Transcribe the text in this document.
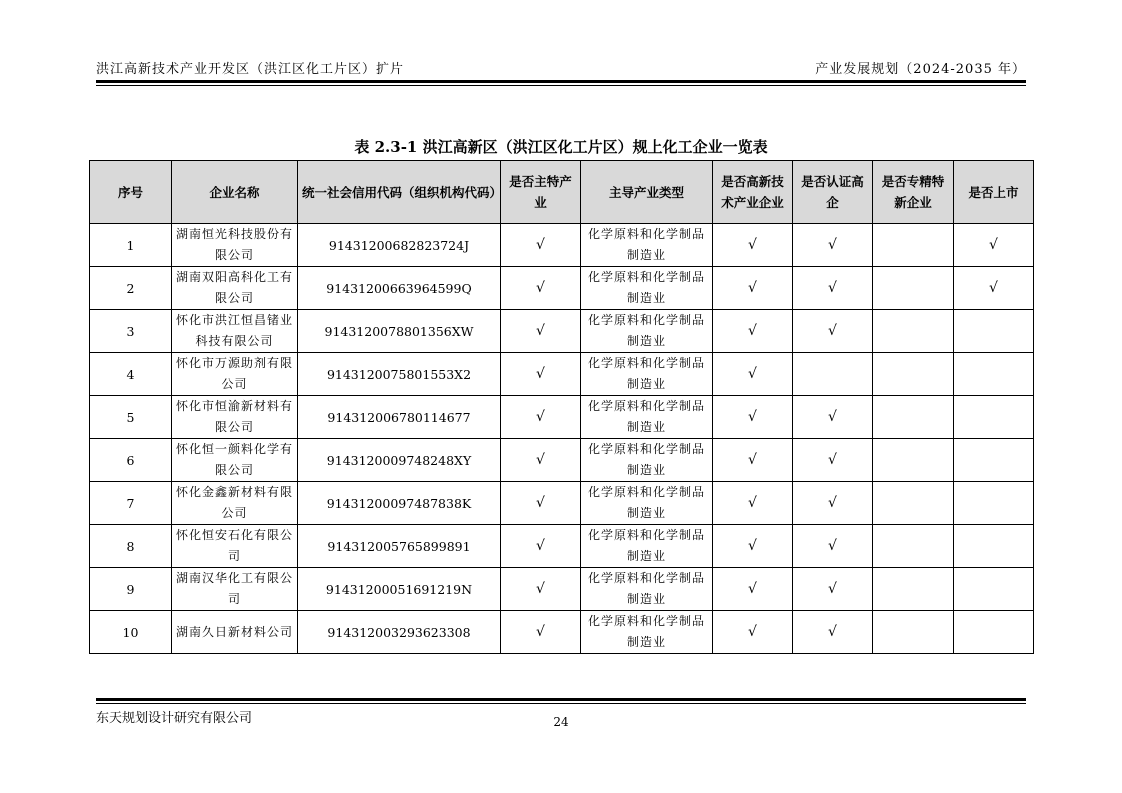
洪江高新技术产业开发区（洪江区化工片区）扩片	产业发展规划（2024-2035 年）
表 2.3-1 洪江高新区（洪江区化工片区）规上化工企业一览表
序号	企业名称	统一社会信用代码（组织机构代码）	是否主特产业	主导产业类型	是否高新技术产业企业	是否认证高企	是否专精特新企业	是否上市
1	湖南恒光科技股份有限公司	91431200682823724J	√	化学原料和化学制品制造业	√	√		√
2	湖南双阳高科化工有限公司	91431200663964599Q	√	化学原料和化学制品制造业	√	√		√
3	怀化市洪江恒昌锗业科技有限公司	9143120078801356XW	√	化学原料和化学制品制造业	√	√		
4	怀化市万源助剂有限公司	9143120075801553X2	√	化学原料和化学制品制造业	√			
5	怀化市恒渝新材料有限公司	914312006780114677	√	化学原料和化学制品制造业	√	√		
6	怀化恒一颜料化学有限公司	9143120009748248XY	√	化学原料和化学制品制造业	√	√		
7	怀化金鑫新材料有限公司	91431200097487838K	√	化学原料和化学制品制造业	√	√		
8	怀化恒安石化有限公司	914312005765899891	√	化学原料和化学制品制造业	√	√		
9	湖南汉华化工有限公司	91431200051691219N	√	化学原料和化学制品制造业	√	√		
10	湖南久日新材料公司	914312003293623308	√	化学原料和化学制品制造业	√	√		
东天规划设计研究有限公司	24
